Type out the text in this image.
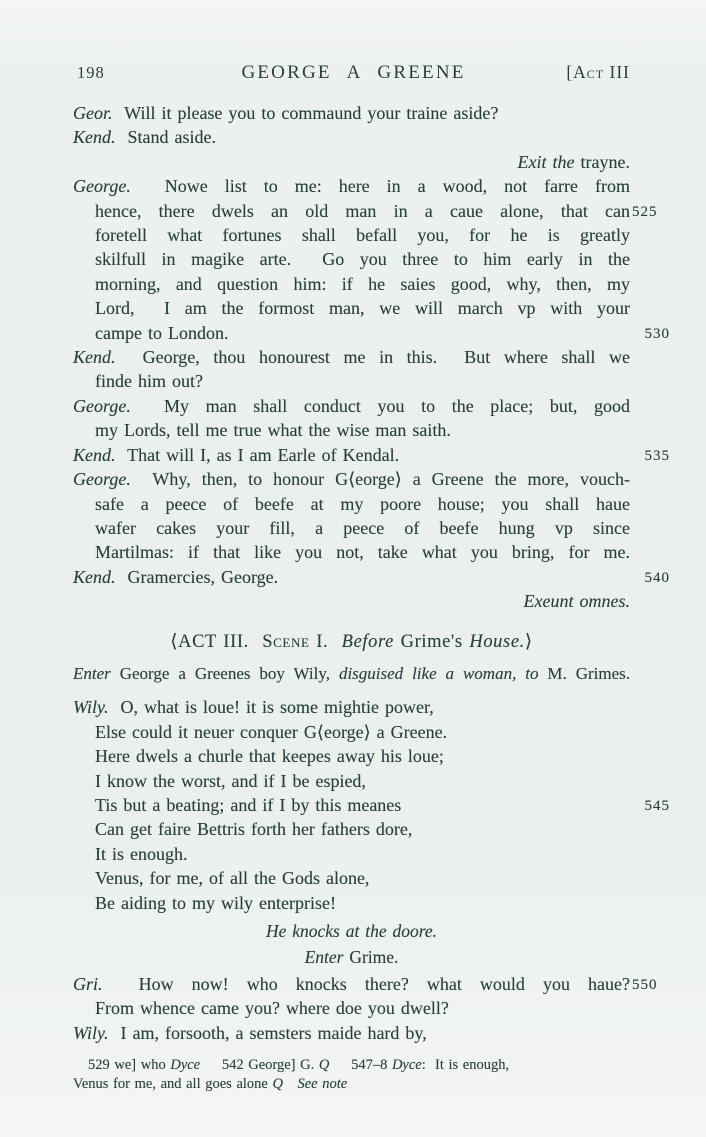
198	GEORGE A GREENE	[Act III
Geor.  Will it please you to commaund your traine aside?
Kend.  Stand aside.
Exit the trayne.
George.  Nowe list to me: here in a wood, not farre from
hence, there dwels an old man in a caue alone, that can 525
foretell what fortunes shall befall you, for he is greatly
skilfull in magike arte.  Go you three to him early in the
morning, and question him: if he saies good, why, then, my
Lord,  I am the formost man, we will march vp with your
campe to London.	530
Kend.  George, thou honourest me in this.  But where shall we
finde him out?
George.  My man shall conduct you to the place; but, good
my Lords, tell me true what the wise man saith.
Kend.  That will I, as I am Earle of Kendal.	535
George.  Why, then, to honour G⟨eorge⟩ a Greene the more, vouch-
safe a peece of beefe at my poore house; you shall haue
wafer cakes your fill, a peece of beefe hung vp since
Martilmas: if that like you not, take what you bring, for me.
Kend.  Gramercies, George.	540
Exeunt omnes.
⟨ACT III.  Scene I.  Before Grime's House.⟩
Enter George a Greenes boy Wily, disguised like a woman, to M. Grimes.
Wily.  O, what is loue! it is some mightie power,
Else could it neuer conquer G⟨eorge⟩ a Greene.
Here dwels a churle that keepes away his loue;
I know the worst, and if I be espied,
Tis but a beating; and if I by this meanes	545
Can get faire Bettris forth her fathers dore,
It is enough.
Venus, for me, of all the Gods alone,
Be aiding to my wily enterprise!
He knocks at the doore.
Enter Grime.
Gri.  How now! who knocks there? what would you haue? 550
From whence came you? where doe you dwell?
Wily.  I am, forsooth, a semsters maide hard by,
529 we] who Dyce  542 George] G. Q  547–8 Dyce:  It is enough,
Venus for me, and all goes alone Q   See note
